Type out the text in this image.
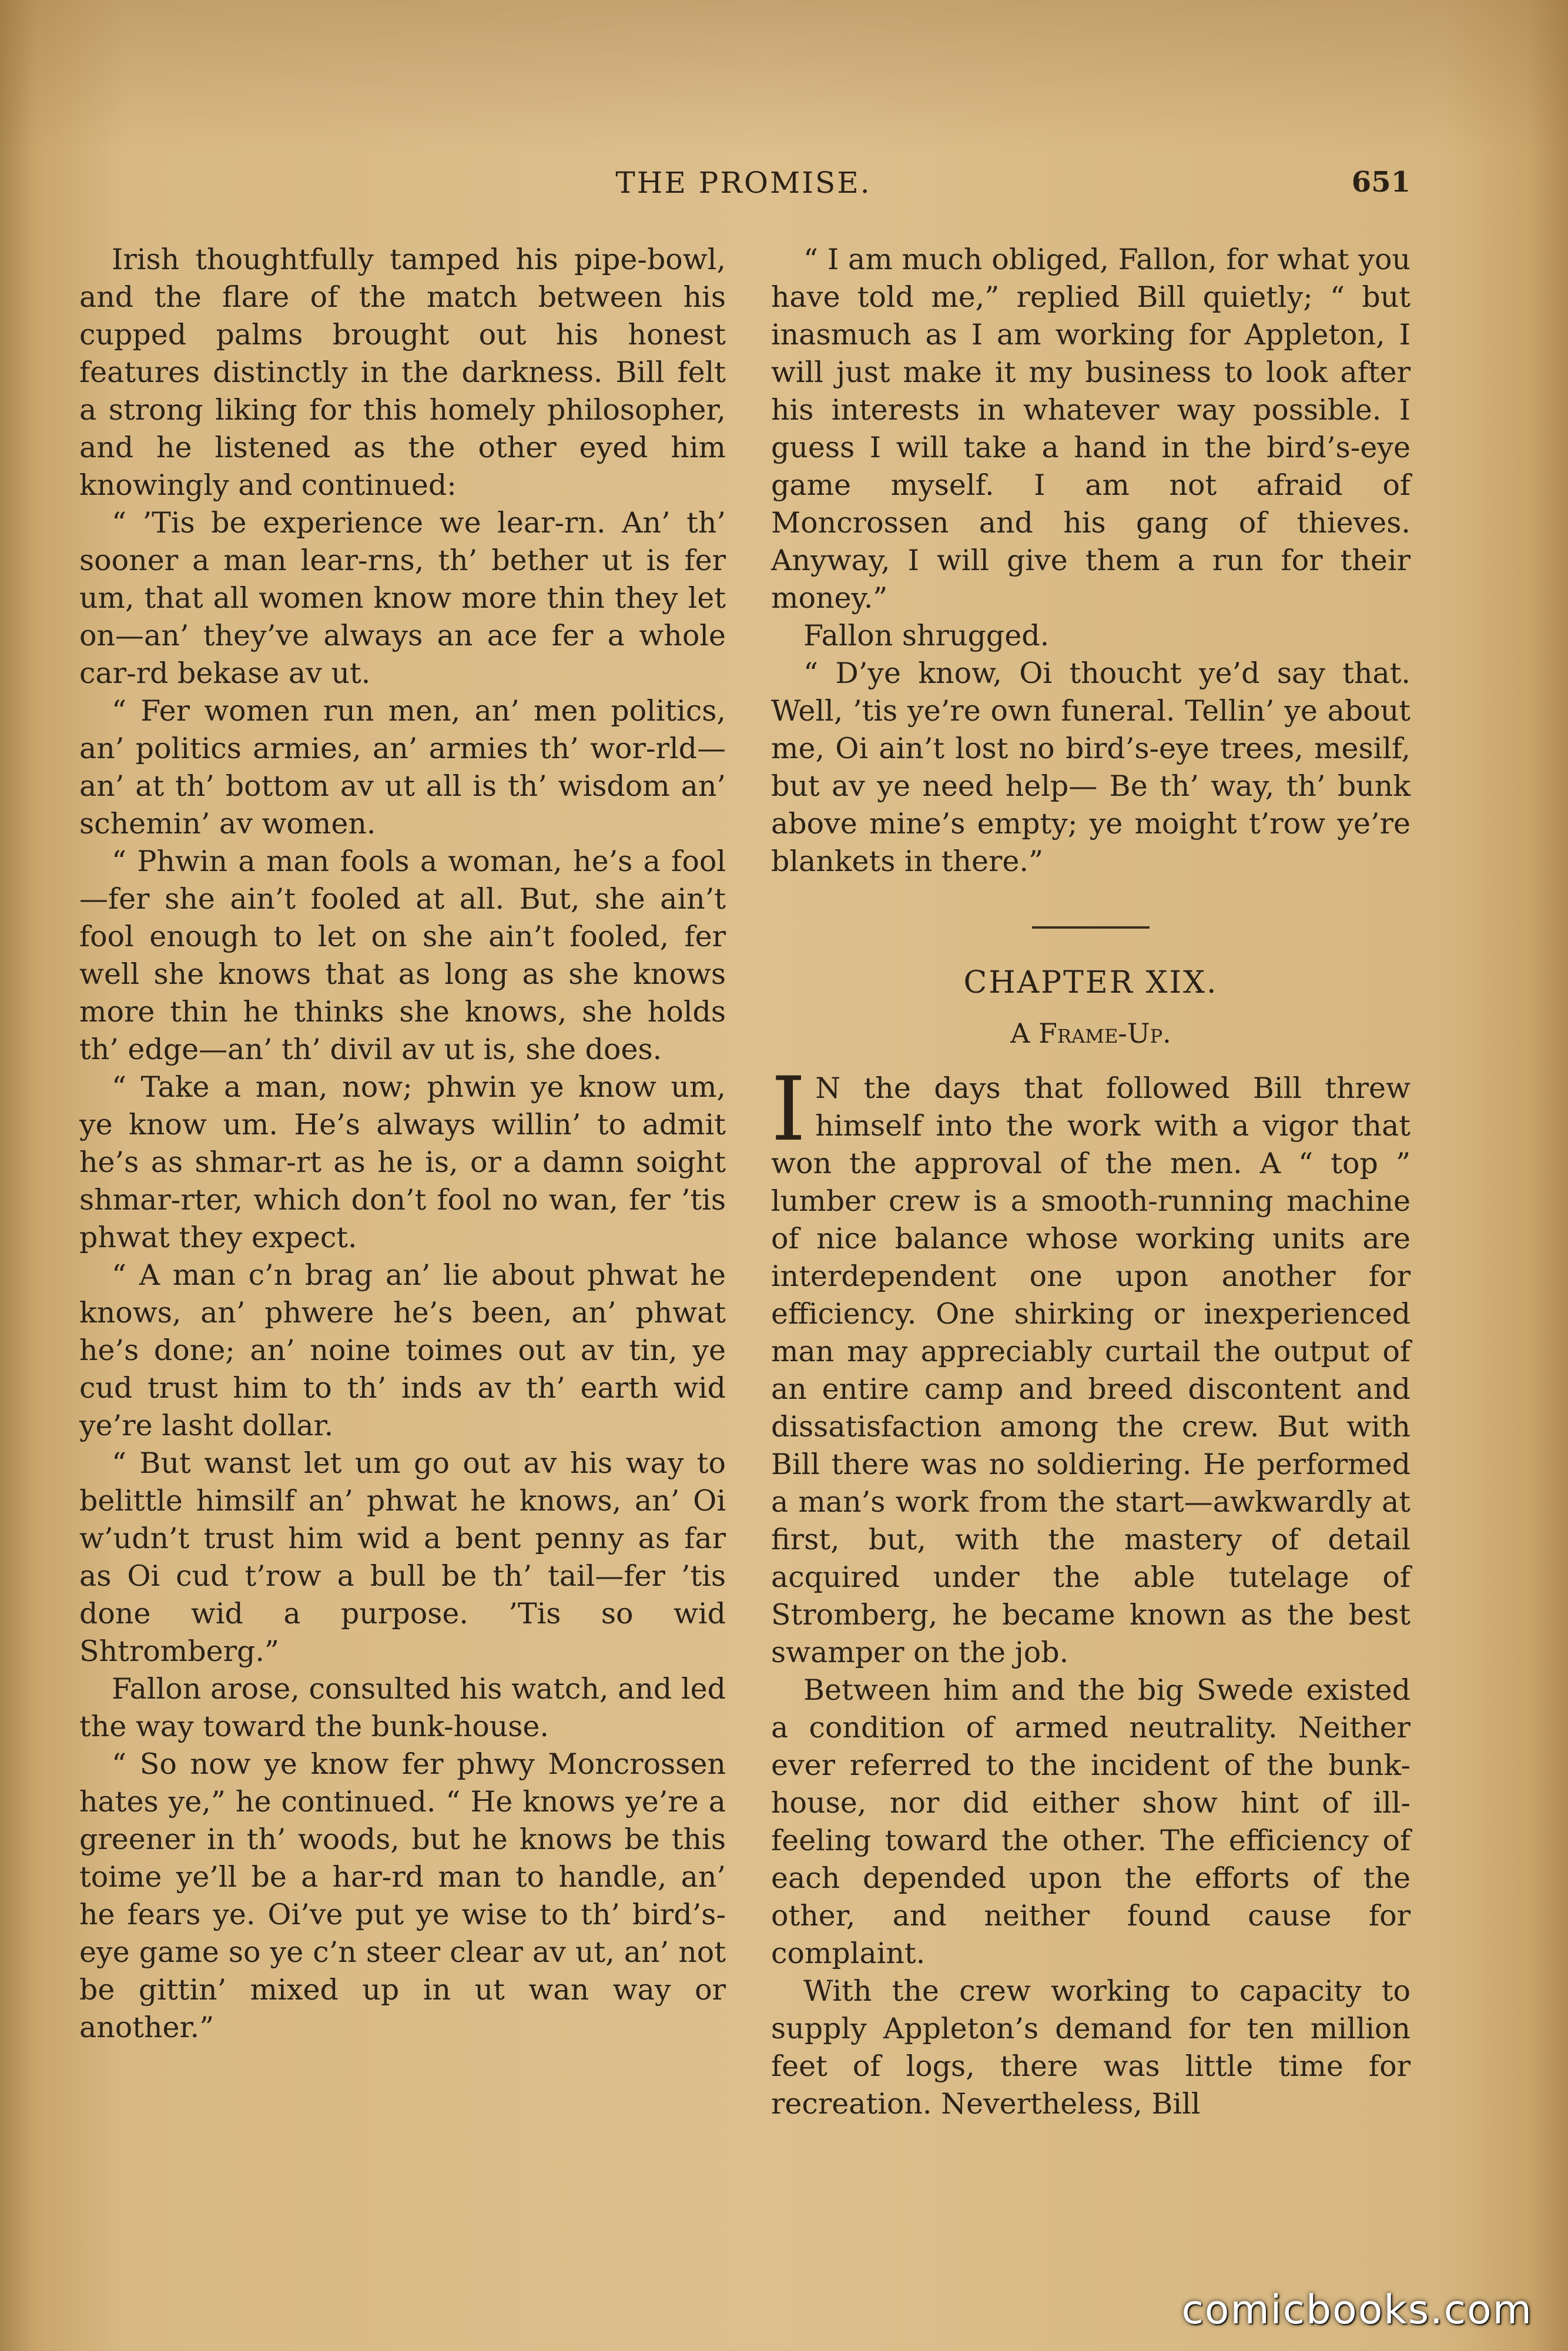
THE PROMISE.	651

Irish thoughtfully tamped his pipe-bowl, and the flare of the match between his cupped palms brought out his honest features distinctly in the darkness. Bill felt a strong liking for this homely philosopher, and he listened as the other eyed him knowingly and continued:

“ ’Tis be experience we lear-rn. An’ th’ sooner a man lear-rns, th’ bether ut is fer um, that all women know more thin they let on—an’ they’ve always an ace fer a whole car-rd bekase av ut.

“ Fer women run men, an’ men politics, an’ politics armies, an’ armies th’ wor-rld—an’ at th’ bottom av ut all is th’ wisdom an’ schemin’ av women.

“ Phwin a man fools a woman, he’s a fool—fer she ain’t fooled at all. But, she ain’t fool enough to let on she ain’t fooled, fer well she knows that as long as she knows more thin he thinks she knows, she holds th’ edge—an’ th’ divil av ut is, she does.

“ Take a man, now; phwin ye know um, ye know um. He’s always willin’ to admit he’s as shmar-rt as he is, or a damn soight shmar-rter, which don’t fool no wan, fer ’tis phwat they expect.

“ A man c’n brag an’ lie about phwat he knows, an’ phwere he’s been, an’ phwat he’s done; an’ noine toimes out av tin, ye cud trust him to th’ inds av th’ earth wid ye’re lasht dollar.

“ But wanst let um go out av his way to belittle himsilf an’ phwat he knows, an’ Oi w’udn’t trust him wid a bent penny as far as Oi cud t’row a bull be th’ tail—fer ’tis done wid a purpose. ’Tis so wid Shtromberg.”

Fallon arose, consulted his watch, and led the way toward the bunk-house.

“ So now ye know fer phwy Moncrossen hates ye,” he continued. “ He knows ye’re a greener in th’ woods, but he knows be this toime ye’ll be a har-rd man to handle, an’ he fears ye. Oi’ve put ye wise to th’ bird’s-eye game so ye c’n steer clear av ut, an’ not be gittin’ mixed up in ut wan way or another.”

“ I am much obliged, Fallon, for what you have told me,” replied Bill quietly; “ but inasmuch as I am working for Appleton, I will just make it my business to look after his interests in whatever way possible. I guess I will take a hand in the bird’s-eye game myself. I am not afraid of Moncrossen and his gang of thieves. Anyway, I will give them a run for their money.”

Fallon shrugged.

“ D’ye know, Oi thoucht ye’d say that. Well, ’tis ye’re own funeral. Tellin’ ye about me, Oi ain’t lost no bird’s-eye trees, mesilf, but av ye need help— Be th’ way, th’ bunk above mine’s empty; ye moight t’row ye’re blankets in there.”

CHAPTER XIX.
A Frame-Up.

I N the days that followed Bill threw himself into the work with a vigor that won the approval of the men. A “ top ” lumber crew is a smooth-running machine of nice balance whose working units are interdependent one upon another for efficiency. One shirking or inexperienced man may appreciably curtail the output of an entire camp and breed discontent and dissatisfaction among the crew. But with Bill there was no soldiering. He performed a man’s work from the start—awkwardly at first, but, with the mastery of detail acquired under the able tutelage of Stromberg, he became known as the best swamper on the job.

Between him and the big Swede existed a condition of armed neutrality. Neither ever referred to the incident of the bunk-house, nor did either show hint of ill-feeling toward the other. The efficiency of each depended upon the efforts of the other, and neither found cause for complaint.

With the crew working to capacity to supply Appleton’s demand for ten million feet of logs, there was little time for recreation. Nevertheless, Bill

comicbooks.com
